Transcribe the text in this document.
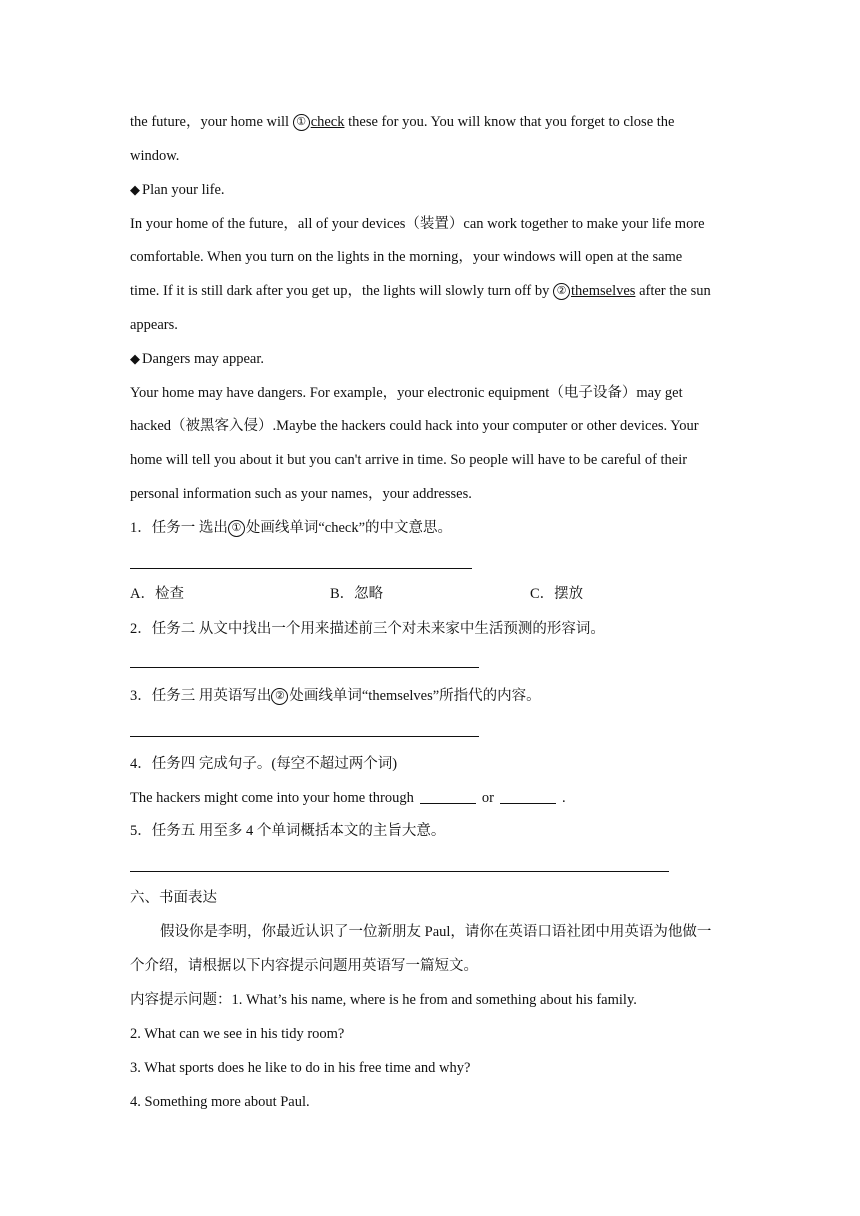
the future，your home will ① check these for you. You will know that you forget to close the
window.
◆ Plan your life.
In your home of the future，all of your devices（装置）can work together to make your life more
comfortable. When you turn on the lights in the morning，your windows will open at the same
time. If it is still dark after you get up，the lights will slowly turn off by ② themselves after the sun
appears.
◆ Dangers may appear.
Your home may have dangers. For example，your electronic equipment（电子设备）may get
hacked（被黑客入侵）.Maybe the hackers could hack into your computer or other devices. Your
home will tell you about it but you can't arrive in time. So people will have to be careful of their
personal information such as your names，your addresses.
1．任务一 选出 ① 处画线单词“check”的中文意思。
A．检查	B．忽略	C．摆放
2．任务二 从文中找出一个用来描述前三个对未来家中生活预测的形容词。
3．任务三 用英语写出 ② 处画线单词“themselves”所指代的内容。
4．任务四 完成句子。(每空不超过两个词)
The hackers might come into your home through	or	.
5．任务五 用至多 4 个单词概括本文的主旨大意。
六、书面表达
假设你是李明，你最近认识了一位新朋友 Paul，请你在英语口语社团中用英语为他做一
个介绍，请根据以下内容提示问题用英语写一篇短文。
内容提示问题：1. What’s his name, where is he from and something about his family.
2. What can we see in his tidy room?
3. What sports does he like to do in his free time and why?
4. Something more about Paul.
